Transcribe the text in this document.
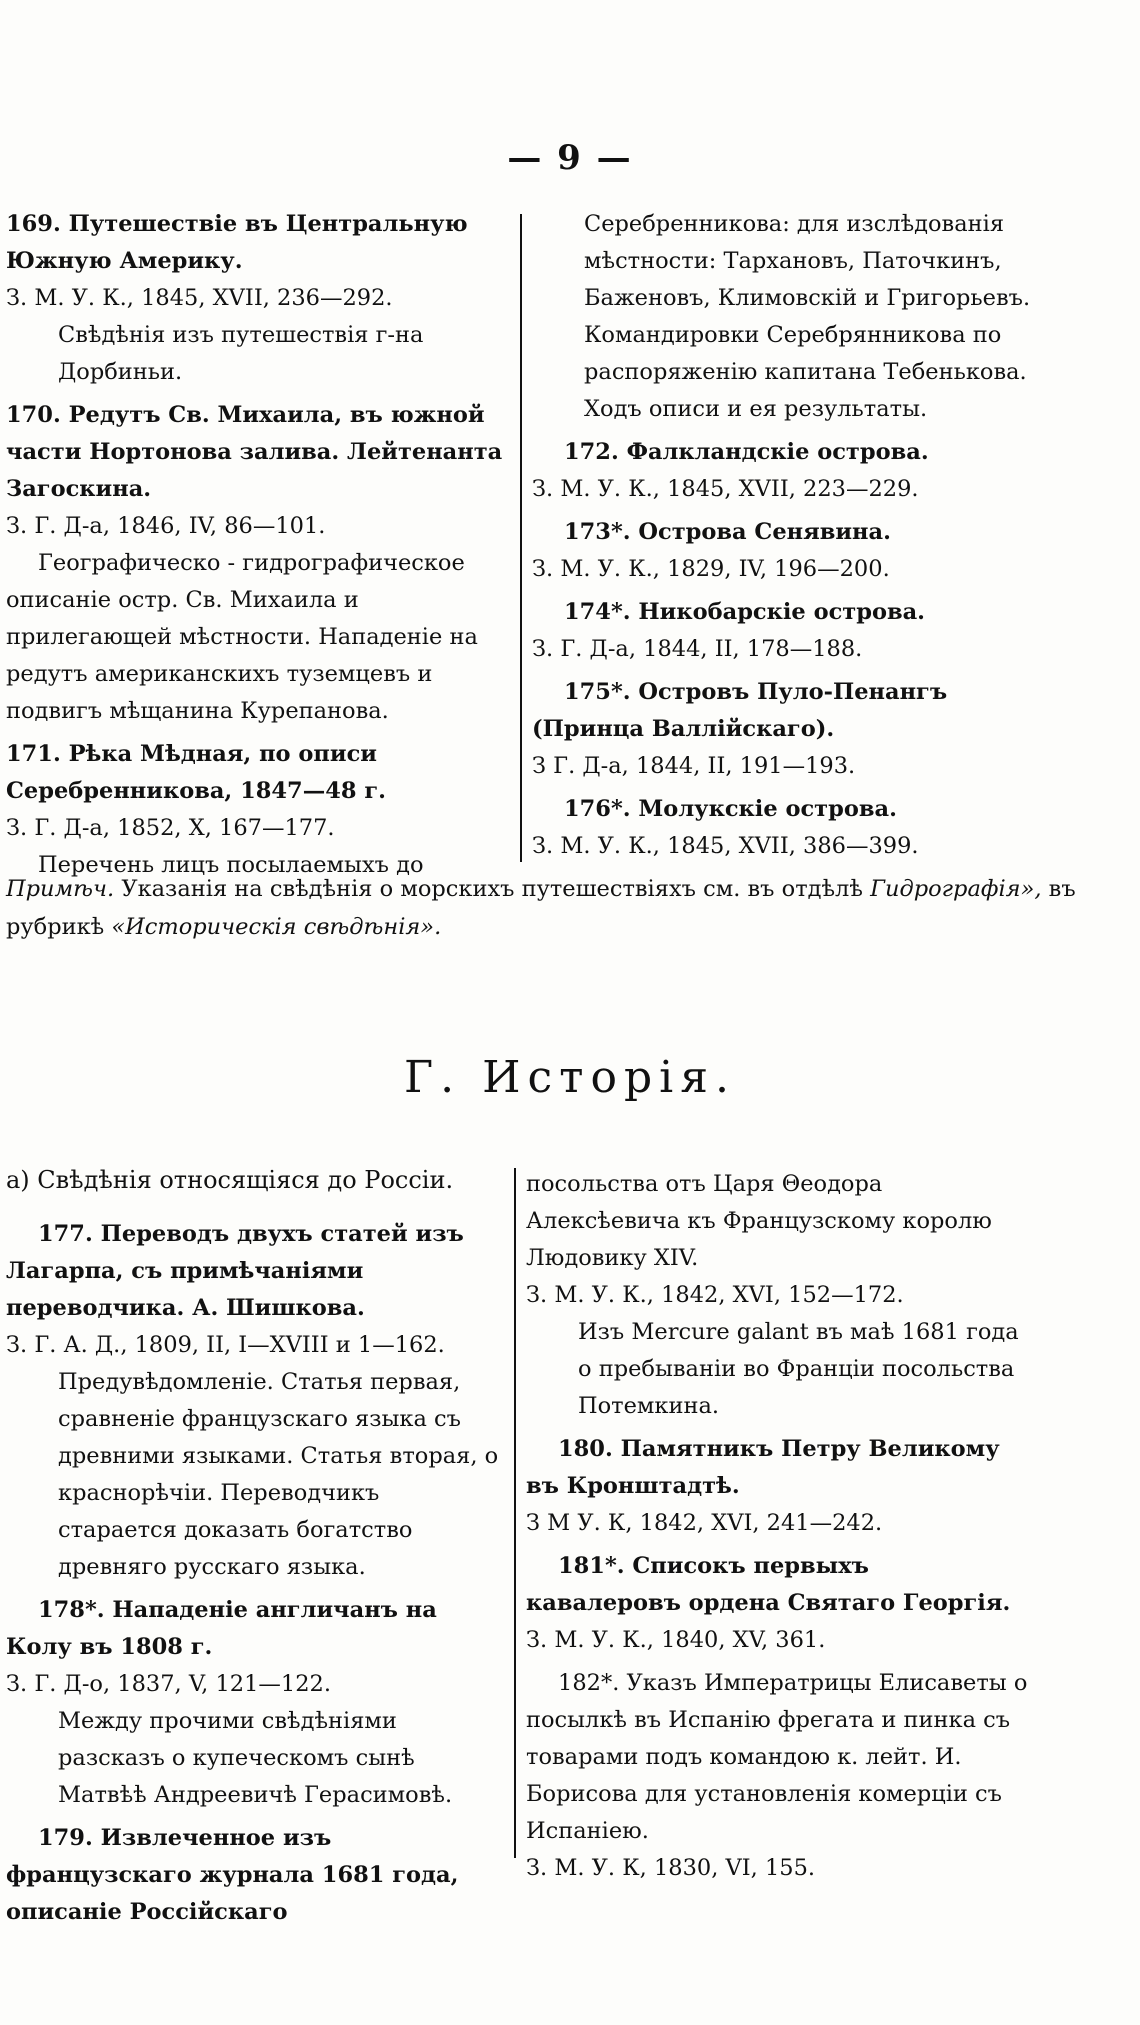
— 9 —

169. Путешествіе въ Центральную Южную Америку.

З. М. У. К., 1845, XVII, 236—292.

Свѣдѣнія изъ путешествія г-на Дорбиньи.

170. Редутъ Св. Михаила, въ южной части Нортонова залива. Лейтенанта Загоскина.

З. Г. Д-а, 1846, IV, 86—101.

Географическо - гидрографическое описаніе остр. Св. Михаила и прилегающей мѣстности. Нападеніе на редутъ американскихъ туземцевъ и подвигъ мѣщанина Курепанова.

171. Рѣка Мѣдная, по описи Серебренникова, 1847—48 г.

З. Г. Д-а, 1852, X, 167—177.

Перечень лицъ посылаемыхъ до

Серебренникова: для изслѣдованія мѣстности: Тархановъ, Паточкинъ, Баженовъ, Климовскій и Григорьевъ. Командировки Серебрянникова по распоряженію капитана Тебенькова. Ходъ описи и ея результаты.

172. Фалкландскіе острова.

З. М. У. К., 1845, XVII, 223—229.

173*. Острова Сенявина.

З. М. У. К., 1829, IV, 196—200.

174*. Никобарскіе острова.

З. Г. Д-а, 1844, II, 178—188.

175*. Островъ Пуло-Пенангъ (Принца Валлійскаго).

З Г. Д-а, 1844, II, 191—193.

176*. Молукскіе острова.

З. М. У. К., 1845, XVII, 386—399.

Примѣч. Указанія на свѣдѣнія о морскихъ путешествіяхъ см. въ отдѣлѣ Гидрографія», въ рубрикѣ «Историческія свѣдѣнія».
Г. Исторія.

а) Свѣдѣнія относящіяся до Россіи.

177. Переводъ двухъ статей изъ Лагарпа, съ примѣчаніями переводчика. А. Шишкова.

З. Г. А. Д., 1809, II, I—XVIII и 1—162.

Предувѣдомленіе. Статья первая, сравненіе французскаго языка съ древними языками. Статья вторая, о краснорѣчіи. Переводчикъ старается доказать богатство древняго русскаго языка.

178*. Нападеніе англичанъ на Колу въ 1808 г.

З. Г. Д-о, 1837, V, 121—122.

Между прочими свѣдѣніями разсказъ о купеческомъ сынѣ Матвѣѣ Андреевичѣ Герасимовѣ.

179. Извлеченное изъ французскаго журнала 1681 года, описаніе Россійскаго

посольства отъ Царя Θеодора Алексѣевича къ Французскому королю Людовику XIV.

З. М. У. К., 1842, XVI, 152—172.

Изъ Mercure galant въ маѣ 1681 года о пребываніи во Франціи посольства Потемкина.

180. Памятникъ Петру Великому въ Кронштадтѣ.

З М У. К, 1842, XVI, 241—242.

181*. Списокъ первыхъ кавалеровъ ордена Святаго Георгія.

З. М. У. К., 1840, XV, 361.

182*. Указъ Императрицы Елисаветы о посылкѣ въ Испанію фрегата и пинка съ товарами подъ командою к. лейт. И. Борисова для установленія комерціи съ Испаніею.

З. М. У. К, 1830, VI, 155.
